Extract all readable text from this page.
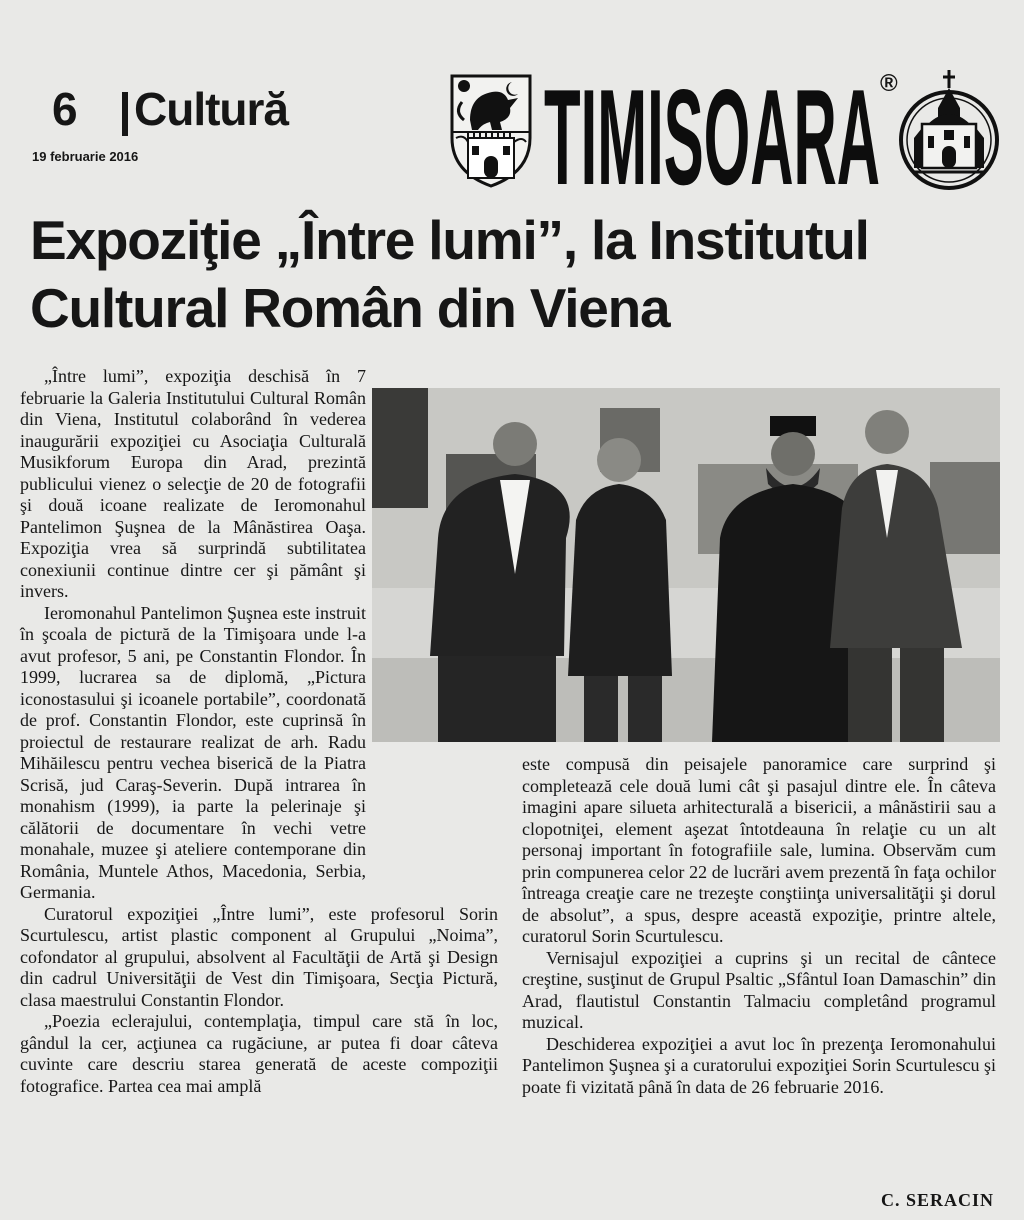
6 Cultură
19 februarie 2016	TIMISOARA ®
Expoziţie „Între lumi”, la Institutul Cultural Român din Viena

„Între lumi”, expoziţia deschisă în 7 februarie la Galeria Institutului Cultural Român din Viena, Institutul colaborând în vederea inaugurării expoziţiei cu Asociaţia Culturală Musikforum Europa din Arad, prezintă publicului vienez o selecţie de 20 de fotografii şi două icoane realizate de Ieromonahul Pantelimon Şuşnea de la Mânăstirea Oaşa. Expoziţia vrea să surprindă subtilitatea conexiunii continue dintre cer şi pământ şi invers.

Ieromonahul Pantelimon Şuşnea este instruit în şcoala de pictură de la Timişoara unde l-a avut profesor, 5 ani, pe Constantin Flondor. În 1999, lucrarea sa de diplomă, „Pictura iconostasului şi icoanele portabile”, coordonată de prof. Constantin Flondor, este cuprinsă în proiectul de restaurare realizat de arh. Radu Mihăilescu pentru vechea biserică de la Piatra Scrisă, jud Caraş-Severin. După intrarea în monahism (1999), ia parte la pelerinaje şi călătorii de documentare în vechi vetre monahale, muzee şi ateliere contemporane din România, Muntele Athos, Macedonia, Serbia, Germania.

Curatorul expoziţiei „Între lumi”, este profesorul Sorin Scurtulescu, artist plastic component al Grupului „Noima”, cofondator al grupului, absolvent al Facultăţii de Artă şi Design din cadrul Universităţii de Vest din Timişoara, Secţia Pictură, clasa maestrului Constantin Flondor.

„Poezia eclerajului, contemplaţia, timpul care stă în loc, gândul la cer, acţiunea ca rugăciune, ar putea fi doar câteva cuvinte care descriu starea generată de aceste compoziţii fotografice. Partea cea mai amplă

este compusă din peisajele panoramice care surprind şi completează cele două lumi cât şi pasajul dintre ele. În câteva imagini apare silueta arhitecturală a bisericii, a mânăstirii sau a clopotniţei, element aşezat întotdeauna în relaţie cu un alt personaj important în fotografiile sale, lumina. Observăm cum prin compunerea celor 22 de lucrări avem prezentă în faţa ochilor întreaga creaţie care ne trezeşte conştiinţa universalităţii şi dorul de absolut”, a spus, despre această expoziţie, printre altele, curatorul Sorin Scurtulescu.

Vernisajul expoziţiei a cuprins şi un recital de cântece creştine, susţinut de Grupul Psaltic „Sfântul Ioan Damaschin” din Arad, flautistul Constantin Talmaciu completând programul muzical.

Deschiderea expoziţiei a avut loc în prezenţa Ieromonahului Pantelimon Şuşnea şi a curatorului expoziţiei Sorin Scurtulescu şi poate fi vizitată până în data de 26 februarie 2016.

C. SERACIN
